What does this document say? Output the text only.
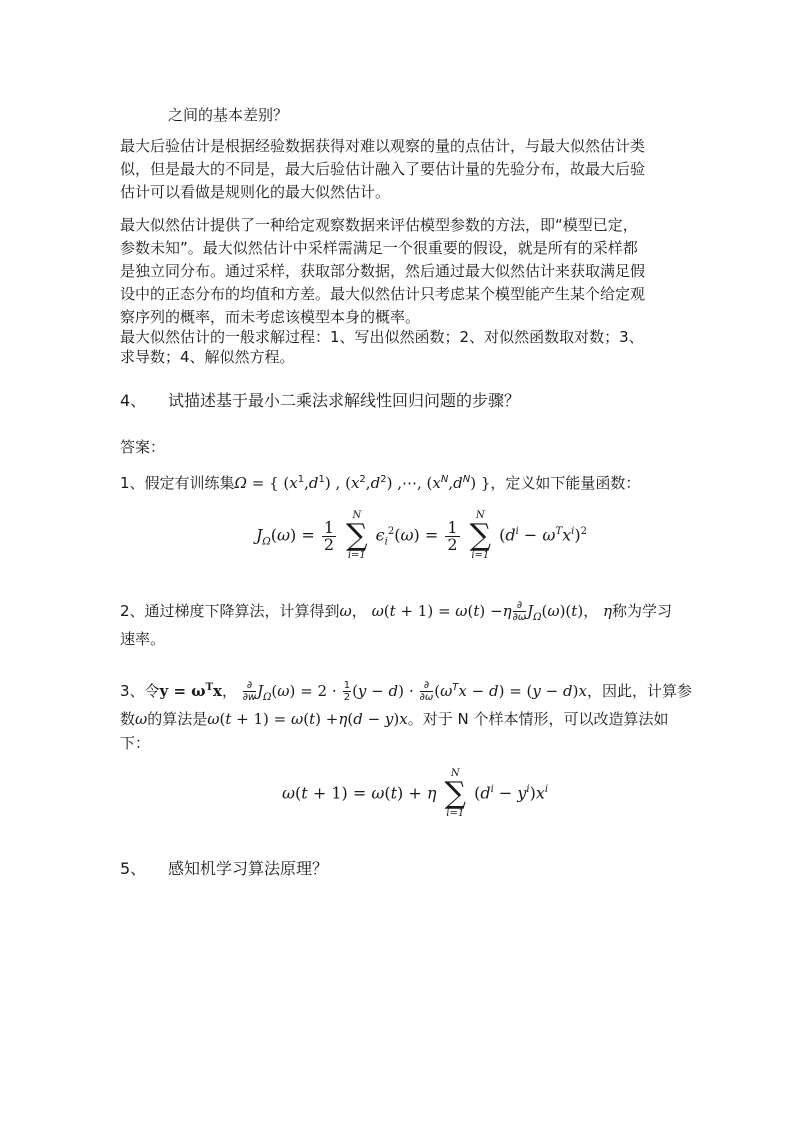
之间的基本差别？
最大后验估计是根据经验数据获得对难以观察的量的点估计，与最大似然估计类
似，但是最大的不同是，最大后验估计融入了要估计量的先验分布，故最大后验
估计可以看做是规则化的最大似然估计。
最大似然估计提供了一种给定观察数据来评估模型参数的方法，即“模型已定，
参数未知”。最大似然估计中采样需满足一个很重要的假设，就是所有的采样都
是独立同分布。通过采样，获取部分数据，然后通过最大似然估计来获取满足假
设中的正态分布的均值和方差。最大似然估计只考虑某个模型能产生某个给定观
察序列的概率，而未考虑该模型本身的概率。
最大似然估计的一般求解过程：1、写出似然函数；2、对似然函数取对数；3、
求导数；4、解似然方程。
4、 试描述基于最小二乘法求解线性回归问题的步骤？
答案：
1、假定有训练集Ω = { $(x^1,d^1)$ , $(x^2,d^2)$ ,⋯, $(x^N,d^N)$ }，定义如下能量函数：
$J_\Omega(\omega) = \frac{1}{2}$

N
∑
i=1
$\epsilon_i^2(\omega) = \frac{1}{2}$

N
∑
i=1
$(d^i - \omega^Tx^i)^2$
2、通过梯度下降算法，计算得到ω， ω(t + 1) = ω(t) −η ∂
∂ω $J_\Omega(\omega)(t)$， η称为学习
速率。
3、令$y = \omega^Tx$， ∂
∂w $J_\Omega(\omega) = 2 \cdot \frac{1}{2} (y - d)$ ⋅ ∂
∂ω $(\omega^Tx - d) = (y - d)x$，因此，计算参
数ω的算法是ω(t + 1) = ω(t) +η(d − y)x。对于 N 个样本情形，可以改造算法如
下：
ω(t + 1) = ω(t) + η
N
∑
i=1
$(d^i - y^i)x^i$
5、 感知机学习算法原理？
